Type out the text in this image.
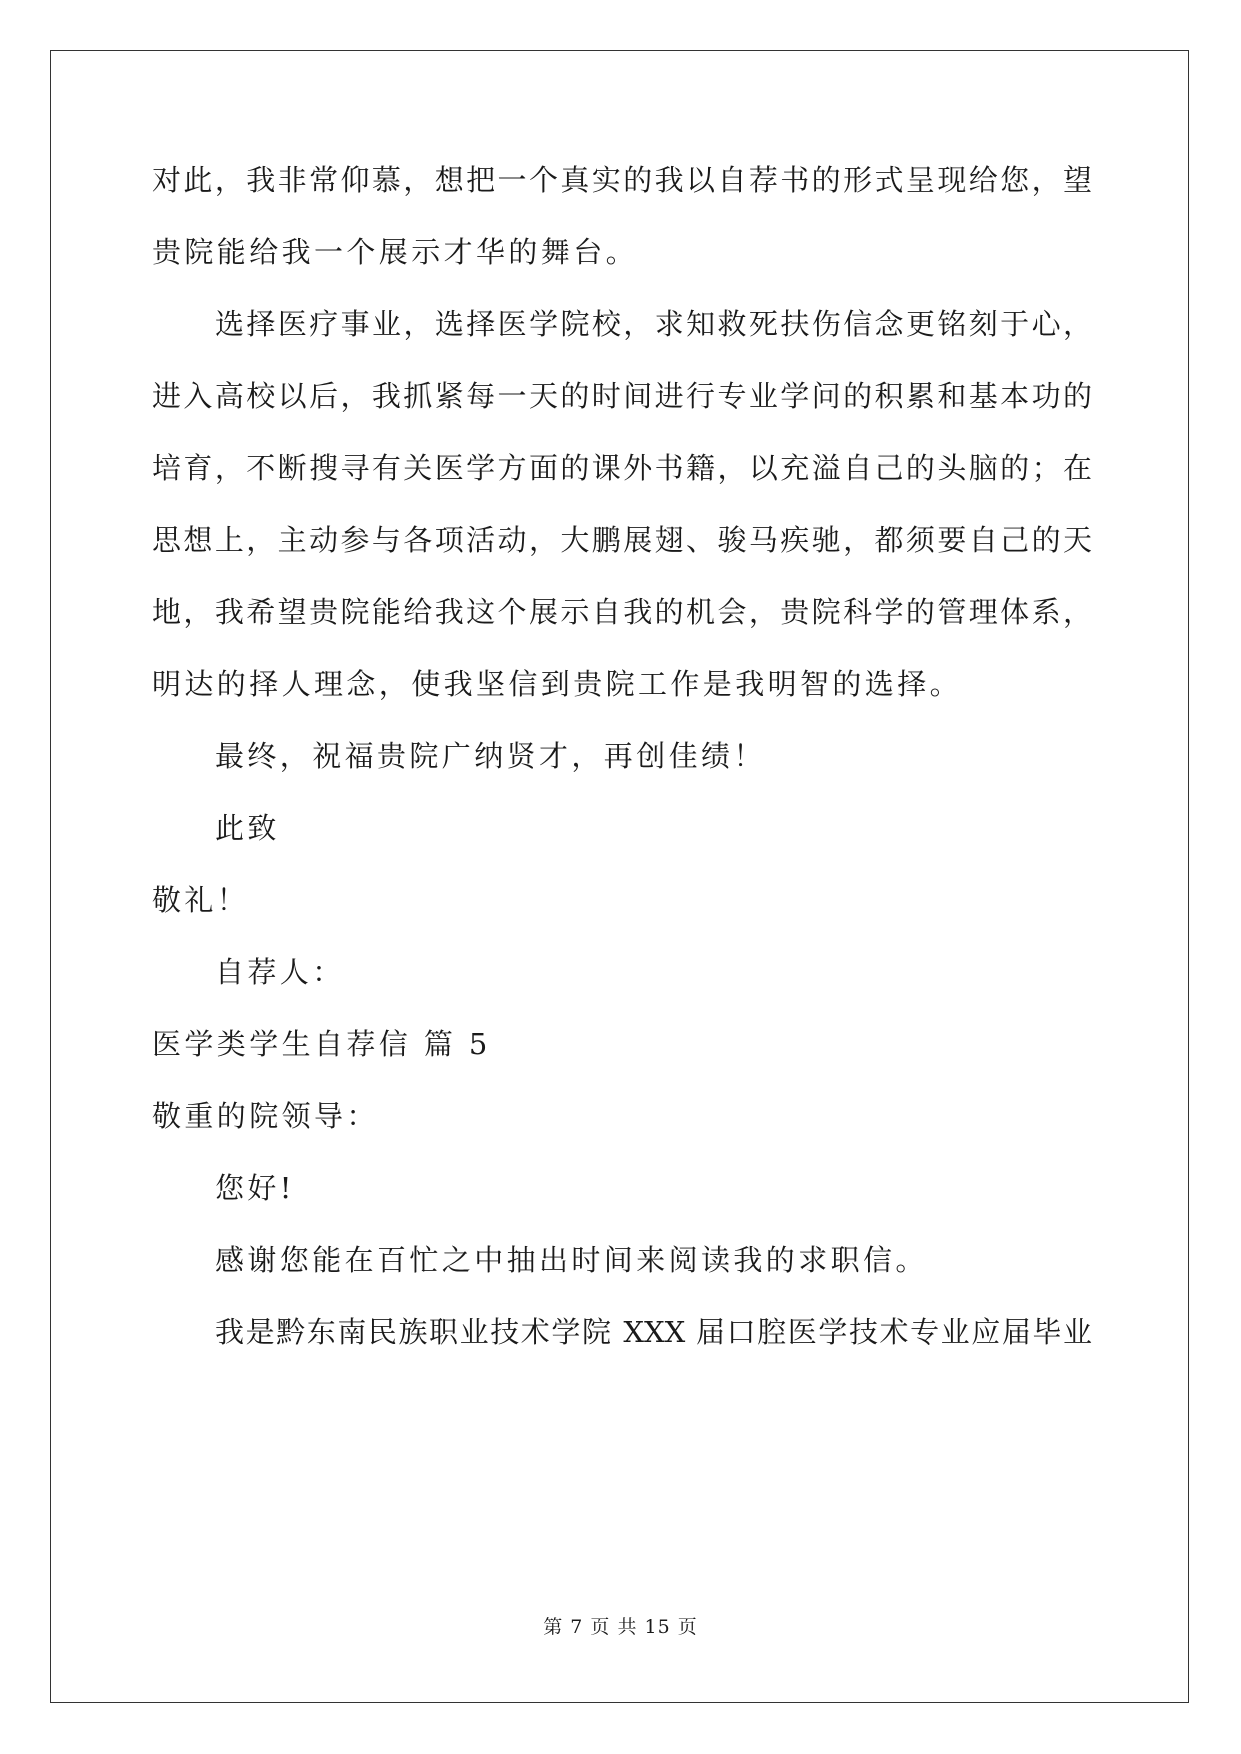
对此，我非常仰慕，想把一个真实的我以自荐书的形式呈现给您，望
贵院能给我一个展示才华的舞台。
选择医疗事业，选择医学院校，求知救死扶伤信念更铭刻于心，
进入高校以后，我抓紧每一天的时间进行专业学问的积累和基本功的
培育，不断搜寻有关医学方面的课外书籍，以充溢自己的头脑的；在
思想上，主动参与各项活动，大鹏展翅、骏马疾驰，都须要自己的天
地，我希望贵院能给我这个展示自我的机会，贵院科学的管理体系，
明达的择人理念，使我坚信到贵院工作是我明智的选择。
最终，祝福贵院广纳贤才，再创佳绩！
此致
敬礼！
自荐人：
医学类学生自荐信 篇 5
敬重的院领导：
您好!
感谢您能在百忙之中抽出时间来阅读我的求职信。
我是黔东南民族职业技术学院 XXX 届口腔医学技术专业应届毕业
第 7 页 共 15 页
